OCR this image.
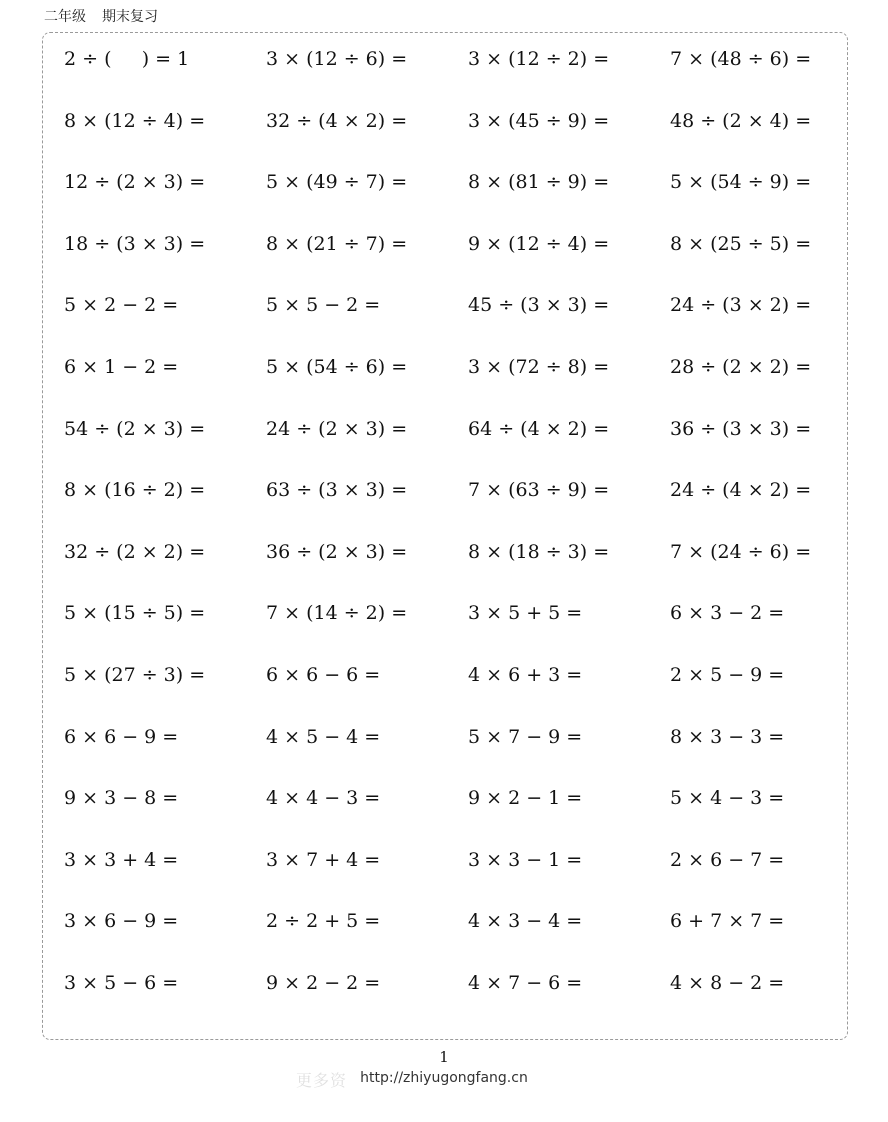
二年级 期末复习
2 ÷ (     ) = 1	3 × (12 ÷ 6) =	3 × (12 ÷ 2) =	7 × (48 ÷ 6) =
8 × (12 ÷ 4) =	32 ÷ (4 × 2) =	3 × (45 ÷ 9) =	48 ÷ (2 × 4) =
12 ÷ (2 × 3) =	5 × (49 ÷ 7) =	8 × (81 ÷ 9) =	5 × (54 ÷ 9) =
18 ÷ (3 × 3) =	8 × (21 ÷ 7) =	9 × (12 ÷ 4) =	8 × (25 ÷ 5) =
5 × 2 − 2 =	5 × 5 − 2 =	45 ÷ (3 × 3) =	24 ÷ (3 × 2) =
6 × 1 − 2 =	5 × (54 ÷ 6) =	3 × (72 ÷ 8) =	28 ÷ (2 × 2) =
54 ÷ (2 × 3) =	24 ÷ (2 × 3) =	64 ÷ (4 × 2) =	36 ÷ (3 × 3) =
8 × (16 ÷ 2) =	63 ÷ (3 × 3) =	7 × (63 ÷ 9) =	24 ÷ (4 × 2) =
32 ÷ (2 × 2) =	36 ÷ (2 × 3) =	8 × (18 ÷ 3) =	7 × (24 ÷ 6) =
5 × (15 ÷ 5) =	7 × (14 ÷ 2) =	3 × 5 + 5 =	6 × 3 − 2 =
5 × (27 ÷ 3) =	6 × 6 − 6 =	4 × 6 + 3 =	2 × 5 − 9 =
6 × 6 − 9 =	4 × 5 − 4 =	5 × 7 − 9 =	8 × 3 − 3 =
9 × 3 − 8 =	4 × 4 − 3 =	9 × 2 − 1 =	5 × 4 − 3 =
3 × 3 + 4 =	3 × 7 + 4 =	3 × 3 − 1 =	2 × 6 − 7 =
3 × 6 − 9 =	2 ÷ 2 + 5 =	4 × 3 − 4 =	6 + 7 × 7 =
3 × 5 − 6 =	9 × 2 − 2 =	4 × 7 − 6 =	4 × 8 − 2 =
1
更多资 http://zhiyugongfang.cn
